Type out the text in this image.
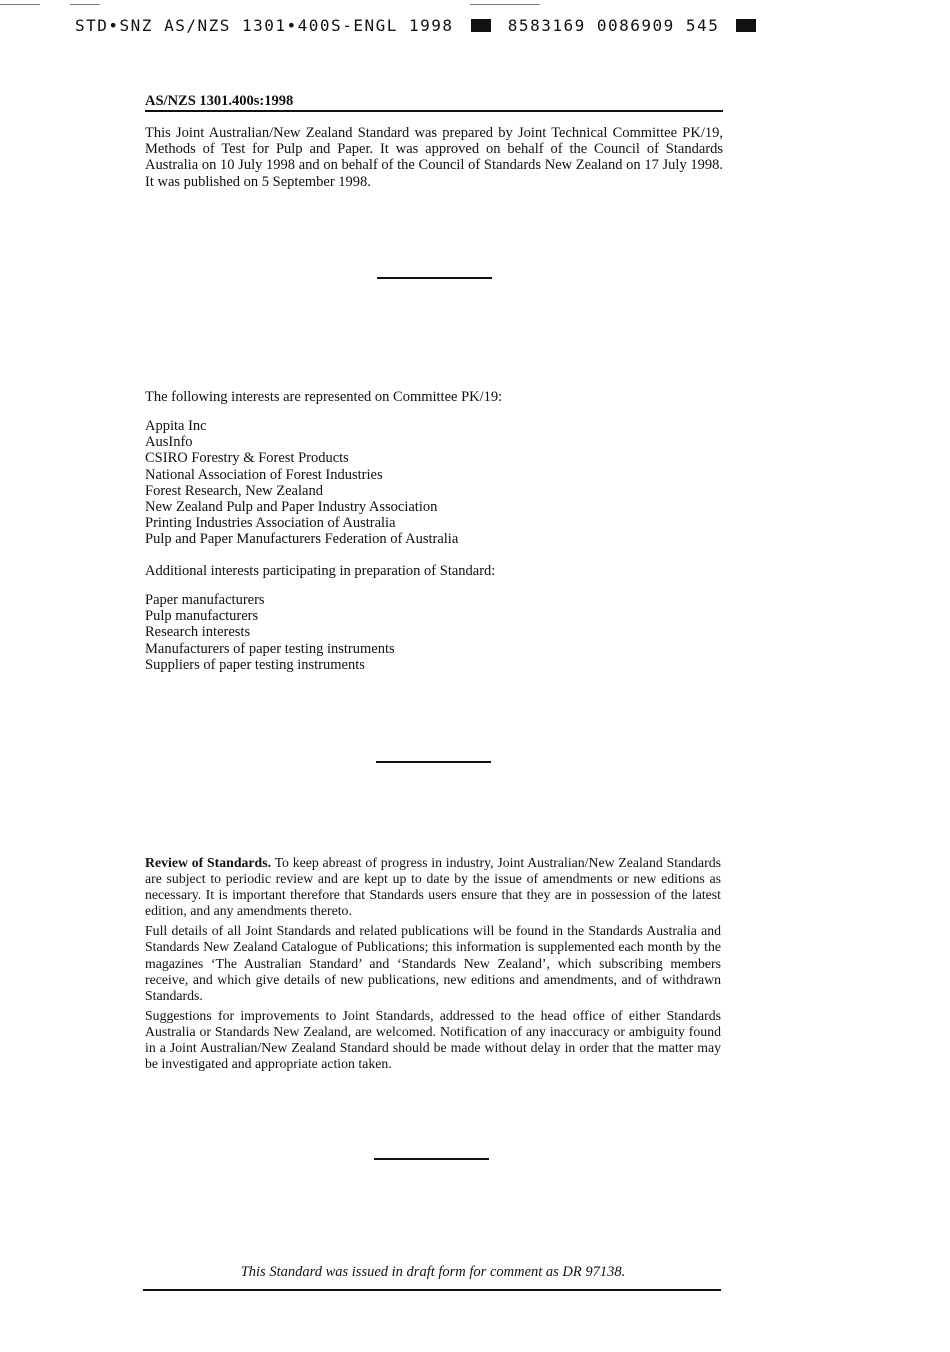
STD•SNZ AS/NZS 1301•400S-ENGL 1998	8583169 0086909 545
AS/NZS 1301.400s:1998

This Joint Australian/New Zealand Standard was prepared by Joint Technical Committee PK/19, Methods of Test for Pulp and Paper. It was approved on behalf of the Council of Standards Australia on 10 July 1998 and on behalf of the Council of Standards New Zealand on 17 July 1998. It was published on 5 September 1998.

The following interests are represented on Committee PK/19:

Appita Inc
AusInfo
CSIRO Forestry & Forest Products
National Association of Forest Industries
Forest Research, New Zealand
New Zealand Pulp and Paper Industry Association
Printing Industries Association of Australia
Pulp and Paper Manufacturers Federation of Australia

Additional interests participating in preparation of Standard:

Paper manufacturers
Pulp manufacturers
Research interests
Manufacturers of paper testing instruments
Suppliers of paper testing instruments

Review of Standards. To keep abreast of progress in industry, Joint Australian/New Zealand Standards are subject to periodic review and are kept up to date by the issue of amendments or new editions as necessary. It is important therefore that Standards users ensure that they are in possession of the latest edition, and any amendments thereto.

Full details of all Joint Standards and related publications will be found in the Standards Australia and Standards New Zealand Catalogue of Publications; this information is supplemented each month by the magazines ‘The Australian Standard’ and ‘Standards New Zealand’, which subscribing members receive, and which give details of new publications, new editions and amendments, and of withdrawn Standards.

Suggestions for improvements to Joint Standards, addressed to the head office of either Standards Australia or Standards New Zealand, are welcomed. Notification of any inaccuracy or ambiguity found in a Joint Australian/New Zealand Standard should be made without delay in order that the matter may be investigated and appropriate action taken.

This Standard was issued in draft form for comment as DR 97138.
